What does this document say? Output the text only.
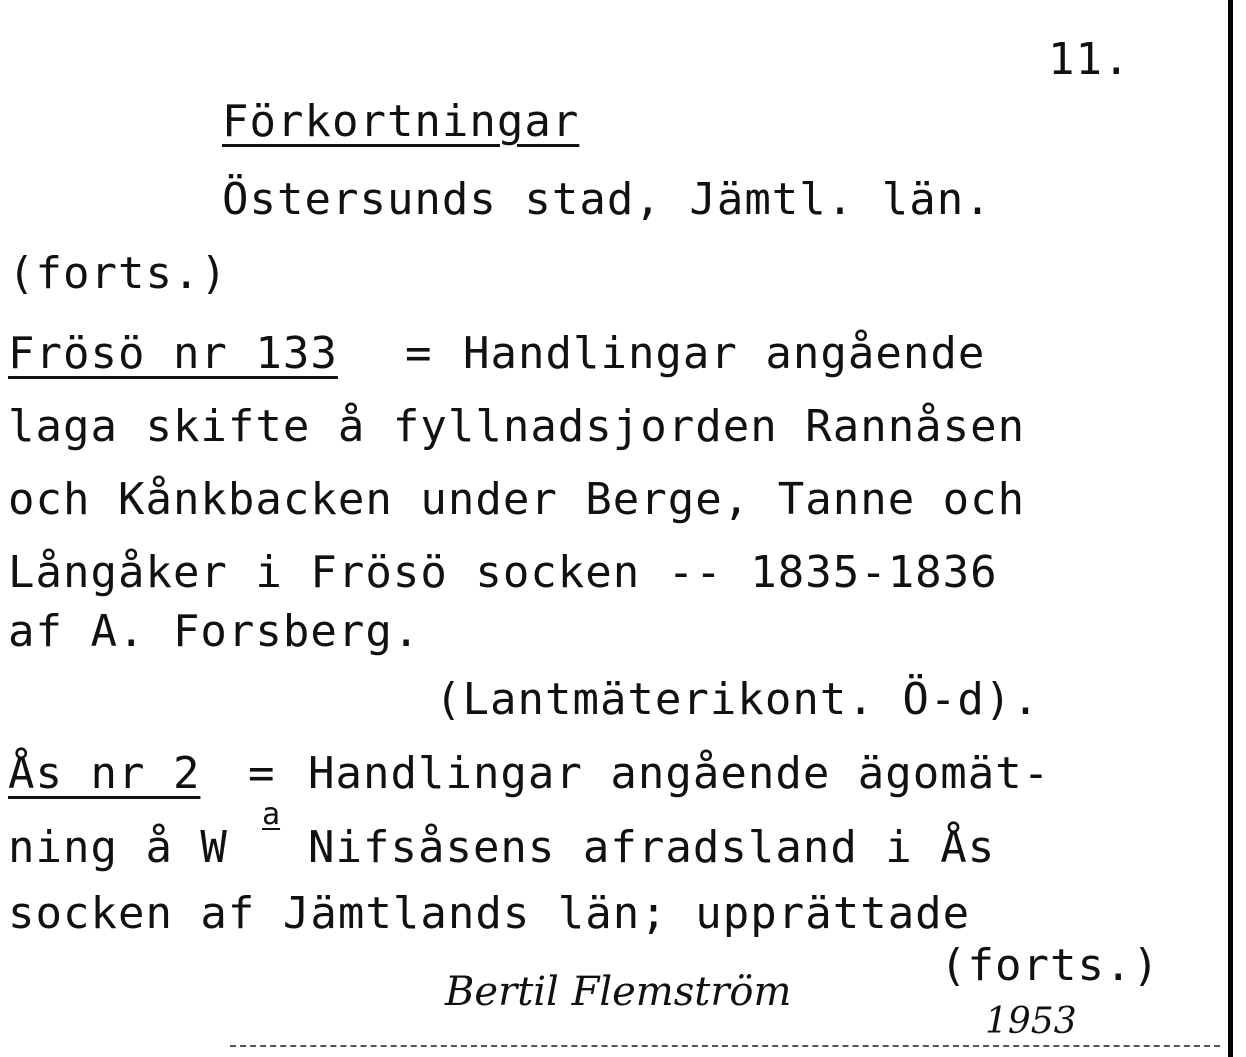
11.
Förkortningar
Östersunds stad, Jämtl. län.
(forts.)
Frösö nr 133 = Handlingar angående
laga skifte å fyllnadsjorden Rannåsen
och Kånkbacken under Berge, Tanne och
Långåker i Frösö socken -- 1835-1836
af A. Forsberg.
(Lantmäterikont. Ö-d).
Ås nr 2 = Handlingar angående ägomät-
ning å W
a
Nifsåsens afradsland i Ås
socken af Jämtlands län; upprättade
(forts.)
Bertil Flemström
1953
